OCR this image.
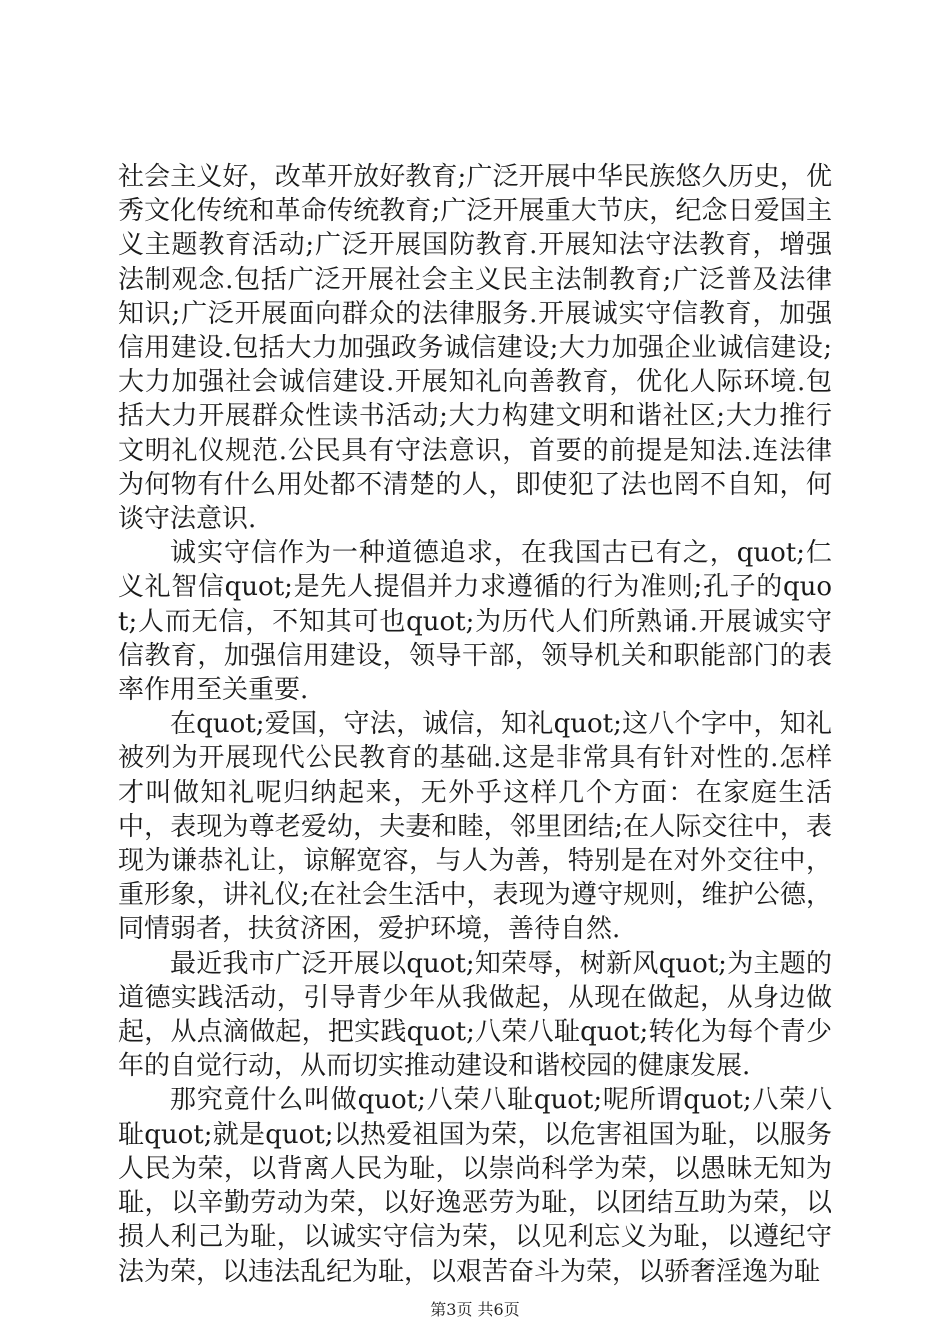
社会主义好，改革开放好教育;广泛开展中华民族悠久历史，优秀文化传统和革命传统教育;广泛开展重大节庆，纪念日爱国主义主题教育活动;广泛开展国防教育.开展知法守法教育，增强法制观念.包括广泛开展社会主义民主法制教育;广泛普及法律知识;广泛开展面向群众的法律服务.开展诚实守信教育，加强信用建设.包括大力加强政务诚信建设;大力加强企业诚信建设;大力加强社会诚信建设.开展知礼向善教育，优化人际环境.包括大力开展群众性读书活动;大力构建文明和谐社区;大力推行文明礼仪规范.公民具有守法意识，首要的前提是知法.连法律为何物有什么用处都不清楚的人，即使犯了法也罔不自知，何谈守法意识.

诚实守信作为一种道德追求，在我国古已有之，quot;仁义礼智信quot;是先人提倡并力求遵循的行为准则;孔子的quot;人而无信，不知其可也quot;为历代人们所熟诵.开展诚实守信教育，加强信用建设，领导干部，领导机关和职能部门的表率作用至关重要.

在quot;爱国，守法，诚信，知礼quot;这八个字中，知礼被列为开展现代公民教育的基础.这是非常具有针对性的.怎样才叫做知礼呢归纳起来，无外乎这样几个方面：在家庭生活中，表现为尊老爱幼，夫妻和睦，邻里团结;在人际交往中，表现为谦恭礼让，谅解宽容，与人为善，特别是在对外交往中，重形象，讲礼仪;在社会生活中，表现为遵守规则，维护公德，同情弱者，扶贫济困，爱护环境，善待自然.

最近我市广泛开展以quot;知荣辱，树新风quot;为主题的道德实践活动，引导青少年从我做起，从现在做起，从身边做起，从点滴做起，把实践quot;八荣八耻quot;转化为每个青少年的自觉行动，从而切实推动建设和谐校园的健康发展.

那究竟什么叫做quot;八荣八耻quot;呢所谓quot;八荣八耻quot;就是quot;以热爱祖国为荣，以危害祖国为耻，以服务人民为荣，以背离人民为耻，以崇尚科学为荣，以愚昧无知为耻，以辛勤劳动为荣，以好逸恶劳为耻，以团结互助为荣，以损人利己为耻，以诚实守信为荣，以见利忘义为耻，以遵纪守法为荣，以违法乱纪为耻，以艰苦奋斗为荣，以骄奢淫逸为耻

第3页 共6页
